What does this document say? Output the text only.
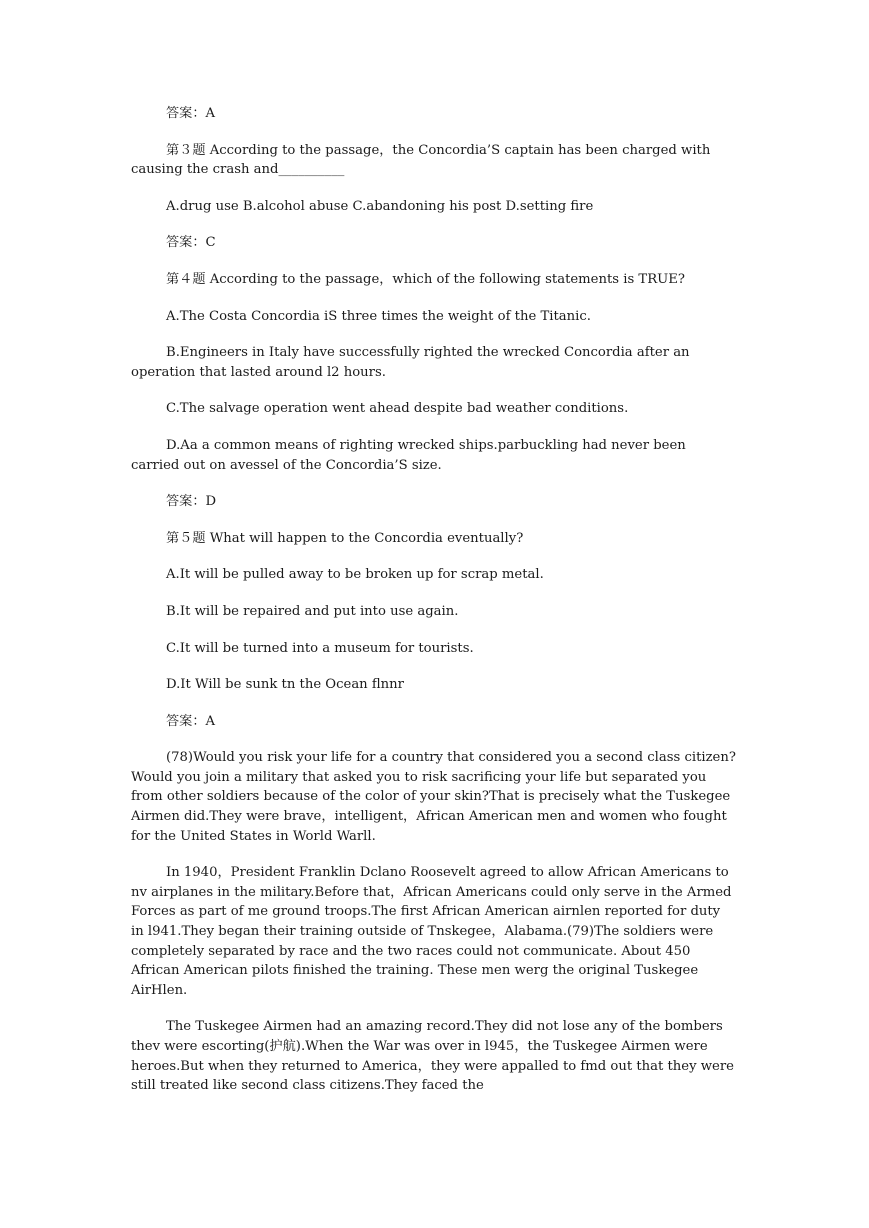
答案：A

第３题 According to the passage，the Concordia’S captain has been charged with causing the crash and__________

A.drug use B.alcohol abuse C.abandoning his post D.setting fire

答案：C

第４题 According to the passage，which of the following statements is TRUE?

A.The Costa Concordia iS three times the weight of the Titanic.

B.Engineers in Italy have successfully righted the wrecked Concordia after an operation that lasted around l2 hours.

C.The salvage operation went ahead despite bad weather conditions.

D.Aa a common means of righting wrecked ships.parbuckling had never been carried out on avessel of the Concordia’S size.

答案：D

第５题 What will happen to the Concordia eventually?

A.It will be pulled away to be broken up for scrap metal.

B.It will be repaired and put into use again.

C.It will be turned into a museum for tourists.

D.It Will be sunk tn the Ocean flnnr

答案：A

(78)Would you risk your life for a country that considered you a second class citizen?Would you join a military that asked you to risk sacrificing your life but separated you from other soldiers because of the color of your skin?That is precisely what the Tuskegee Airmen did.They were brave，intelligent，African American men and women who fought for the United States in World Warll.

In 1940，President Franklin Dclano Roosevelt agreed to allow African Americans to nv airplanes in the military.Before that，African Americans could only serve in the Armed Forces as part of me ground troops.The first African American airnlen reported for duty in l941.They began their training outside of Tnskegee，Alabama.(79)The soldiers were completely separated by race and the two races could not communicate. About 450 African American pilots finished the training. These men werg the original Tuskegee AirHlen.

The Tuskegee Airmen had an amazing record.They did not lose any of the bombers thev were escorting(护航).When the War was over in l945，the Tuskegee Airmen were heroes.But when they returned to America，they were appalled to fmd out that they were still treated like second class citizens.They faced the
